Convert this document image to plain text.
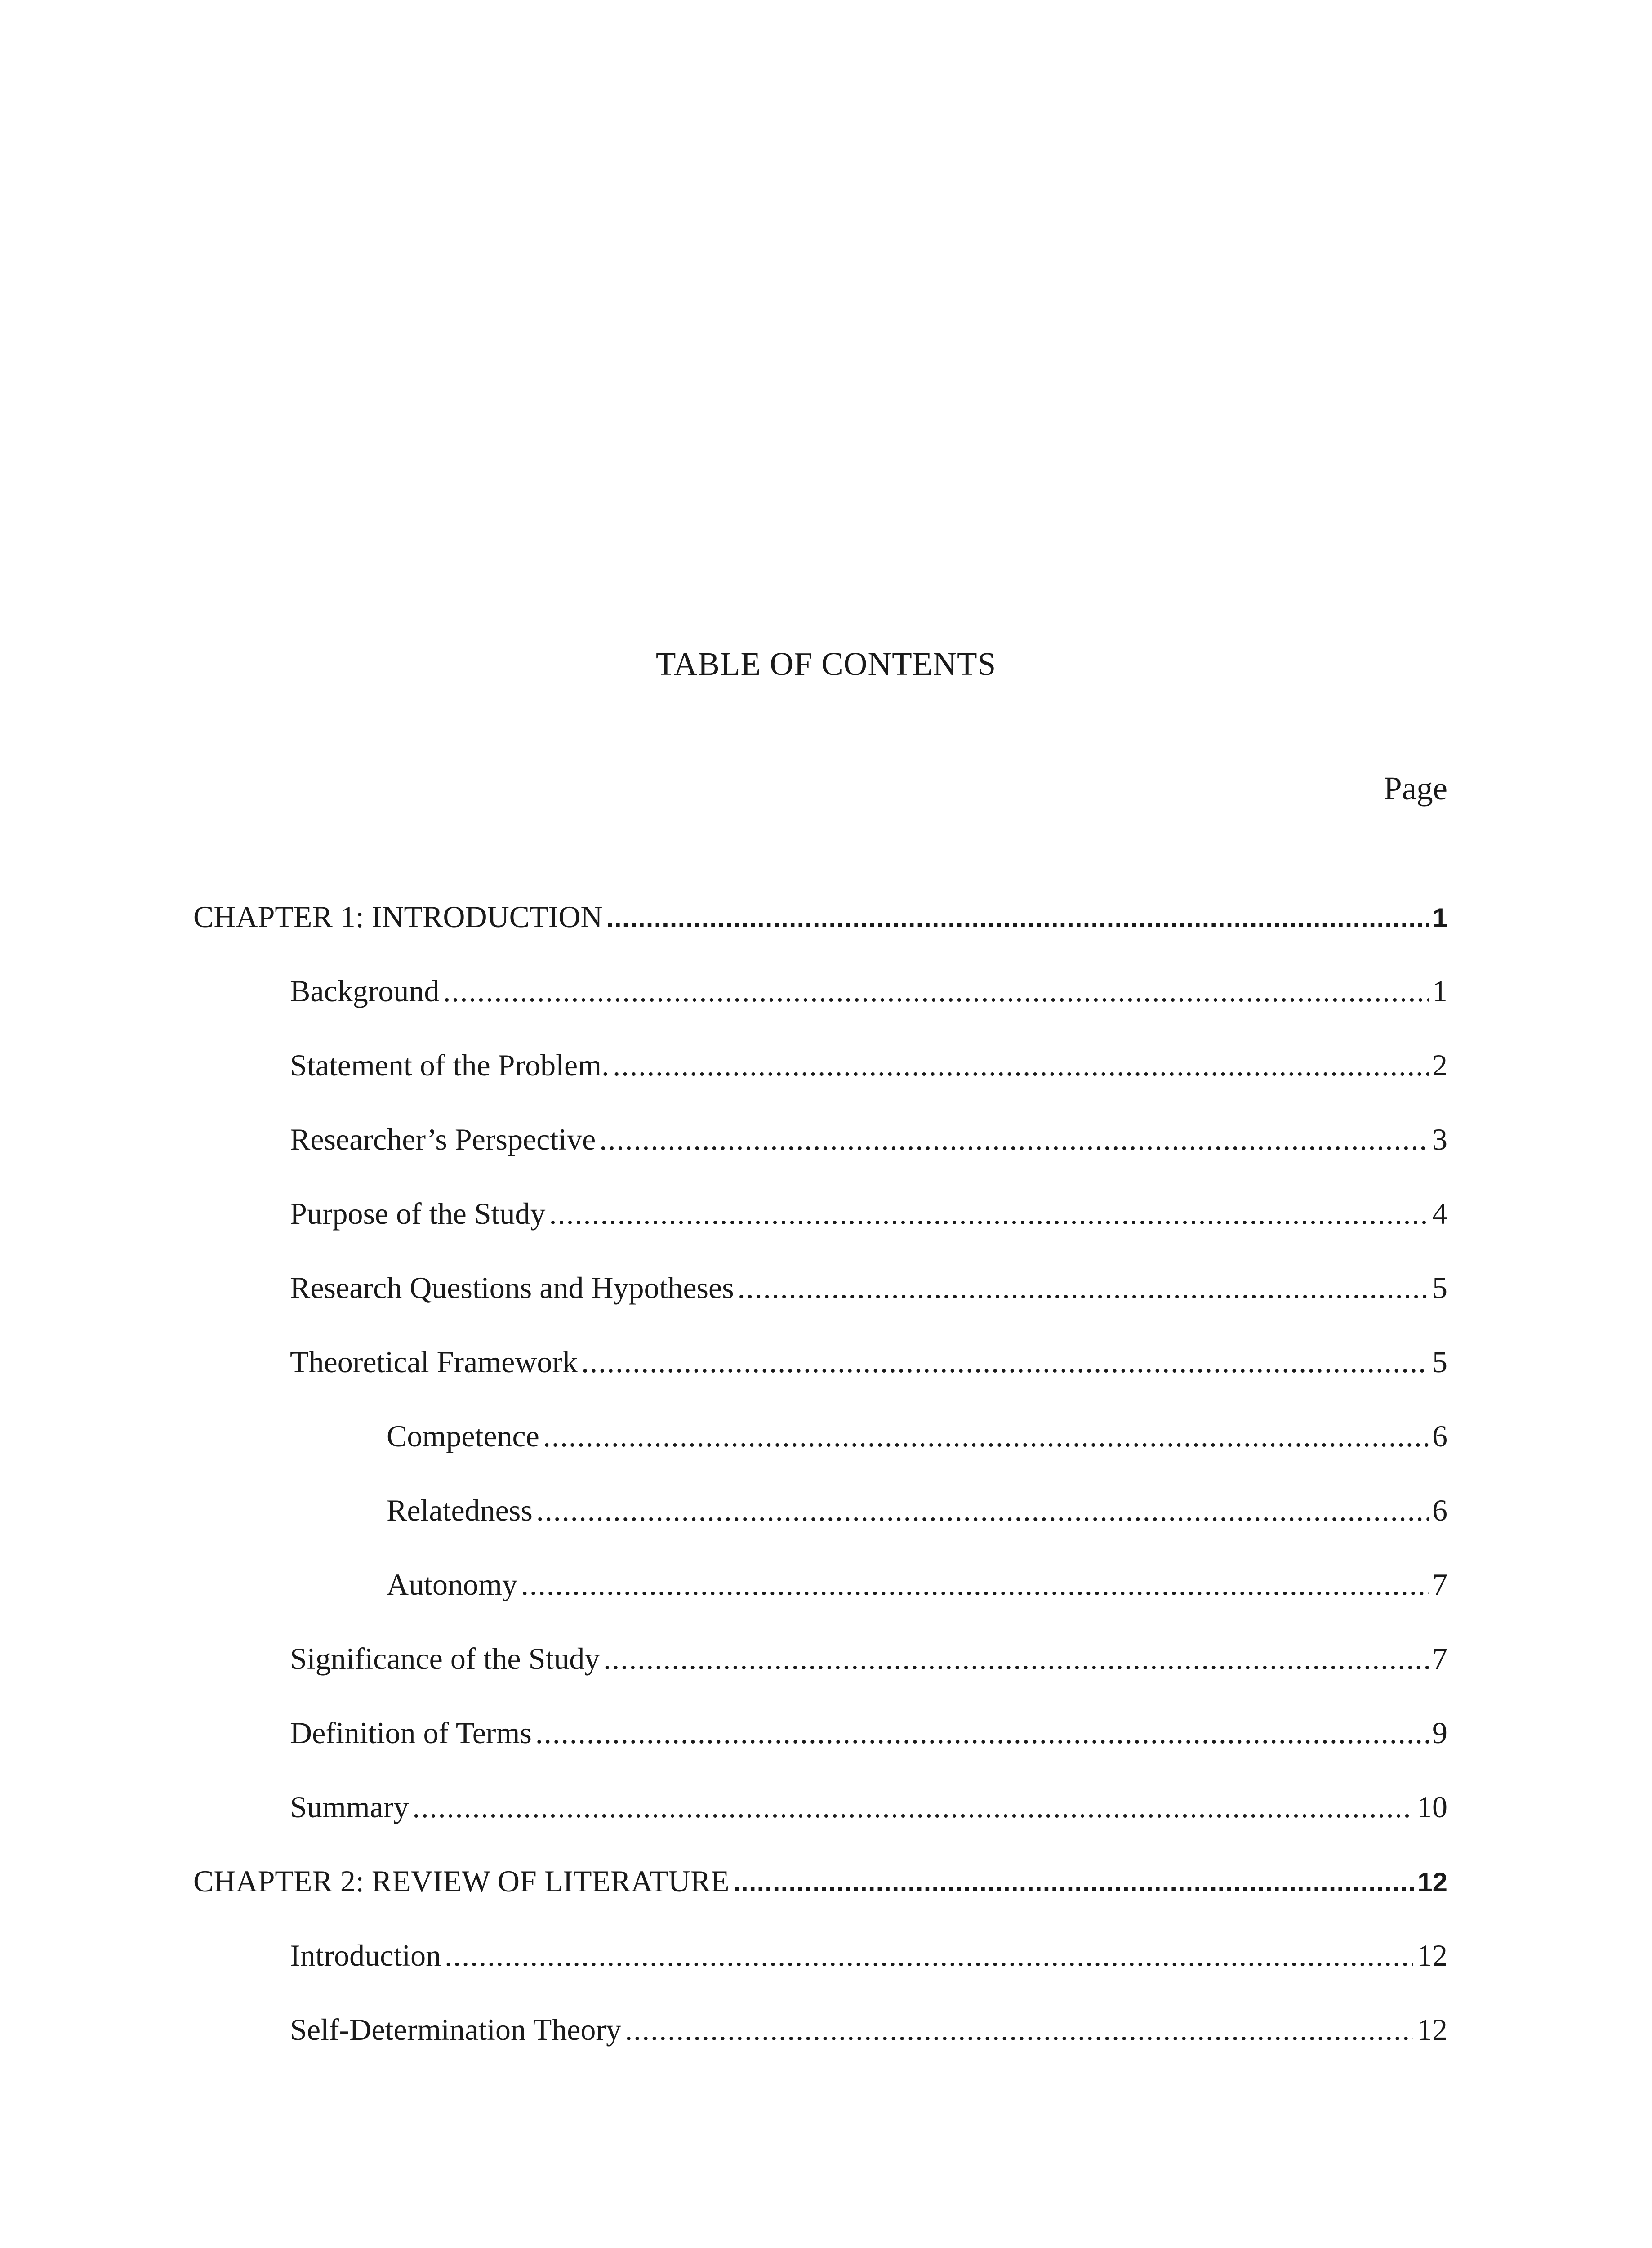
TABLE OF CONTENTS
Page
CHAPTER 1: INTRODUCTION .....	1
Background .....	1
Statement of the Problem. .....	2
Researcher’s Perspective .....	3
Purpose of the Study .....	4
Research Questions and Hypotheses .....	5
Theoretical Framework .....	5
Competence .....	6
Relatedness .....	6
Autonomy .....	7
Significance of the Study .....	7
Definition of Terms .....	9
Summary .....	10
CHAPTER 2: REVIEW OF LITERATURE .....	12
Introduction .....	12
Self-Determination Theory .....	12
